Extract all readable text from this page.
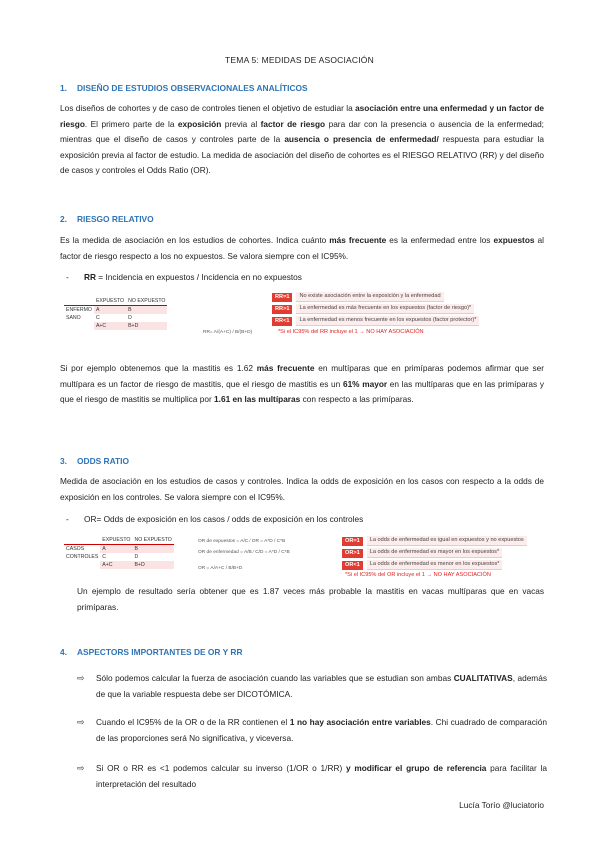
TEMA 5: MEDIDAS DE ASOCIACIÓN
1. DISEÑO DE ESTUDIOS OBSERVACIONALES ANALÍTICOS
Los diseños de cohortes y de caso de controles tienen el objetivo de estudiar la asociación entre una enfermedad y un factor de riesgo. El primero parte de la exposición previa al factor de riesgo para dar con la presencia o ausencia de la enfermedad; mientras que el diseño de casos y controles parte de la ausencia o presencia de enfermedad/ respuesta para estudiar la exposición previa al factor de estudio. La medida de asociación del diseño de cohortes es el RIESGO RELATIVO (RR) y del diseño de casos y controles el Odds Ratio (OR).
2. RIESGO RELATIVO
Es la medida de asociación en los estudios de cohortes. Indica cuánto más frecuente es la enfermedad entre los expuestos al factor de riesgo respecto a los no expuestos. Se valora siempre con el IC95%.
- RR = Incidencia en expuestos / Incidencia en no expuestos
	EXPUESTO	NO EXPUESTO
ENFERMO	A	B
SANO	C	D
	A+C	B+D
RR= A/(A+C) / B/(B+D)
RR=1	No existe asociación entre la exposición y la enfermedad
RR>1	La enfermedad es más frecuente en los expuestos (factor de riesgo)*
RR<1	La enfermedad es menos frecuente en los expuestos (factor protector)*
*Si el IC95% del RR incluye el 1 → NO HAY ASOCIACIÓN
Si por ejemplo obtenemos que la mastitis es 1.62 más frecuente en multíparas que en primíparas podemos afirmar que ser multípara es un factor de riesgo de mastitis, que el riesgo de mastitis es un 61% mayor en las multíparas que en las primíparas y que el riesgo de mastitis se multiplica por 1.61 en las multíparas con respecto a las primíparas.
3. ODDS RATIO
Medida de asociación en los estudios de casos y controles. Indica la odds de exposición en los casos con respecto a la odds de exposición en los controles. Se valora siempre con el IC95%.
- OR= Odds de exposición en los casos / odds de exposición en los controles
	EXPUESTO	NO EXPUESTO
CASOS	A	B
CONTROLES	C	D
	A+C	B+D
OR de expuestos = A/C ∕ OR = A*D / C*B
OR de enfermedad = A/B ∕ C/D = A*D / C*B
OR = A/A+C / B/B+D
OR=1	La odds de enfermedad es igual en expuestos y no expuestos
OR>1	La odds de enfermedad es mayor en los expuestos*
OR<1	La odds de enfermedad es menor en los expuestos*
*Si el IC95% del OR incluye el 1 → NO HAY ASOCIACIÓN
Un ejemplo de resultado sería obtener que es 1.87 veces más probable la mastitis en vacas multíparas que en vacas primíparas.
4. ASPECTORS IMPORTANTES DE OR Y RR
⇨	Sólo podemos calcular la fuerza de asociación cuando las variables que se estudian son ambas CUALITATIVAS, además de que la variable respuesta debe ser DICOTÓMICA.
⇨	Cuando el IC95% de la OR o de la RR contienen el 1 no hay asociación entre variables. Chi cuadrado de comparación de las proporciones será No significativa, y viceversa.
⇨	Si OR o RR es <1 podemos calcular su inverso (1/OR o 1/RR) y modificar el grupo de referencia para facilitar la interpretación del resultado
Lucía Torío @luciatorio
